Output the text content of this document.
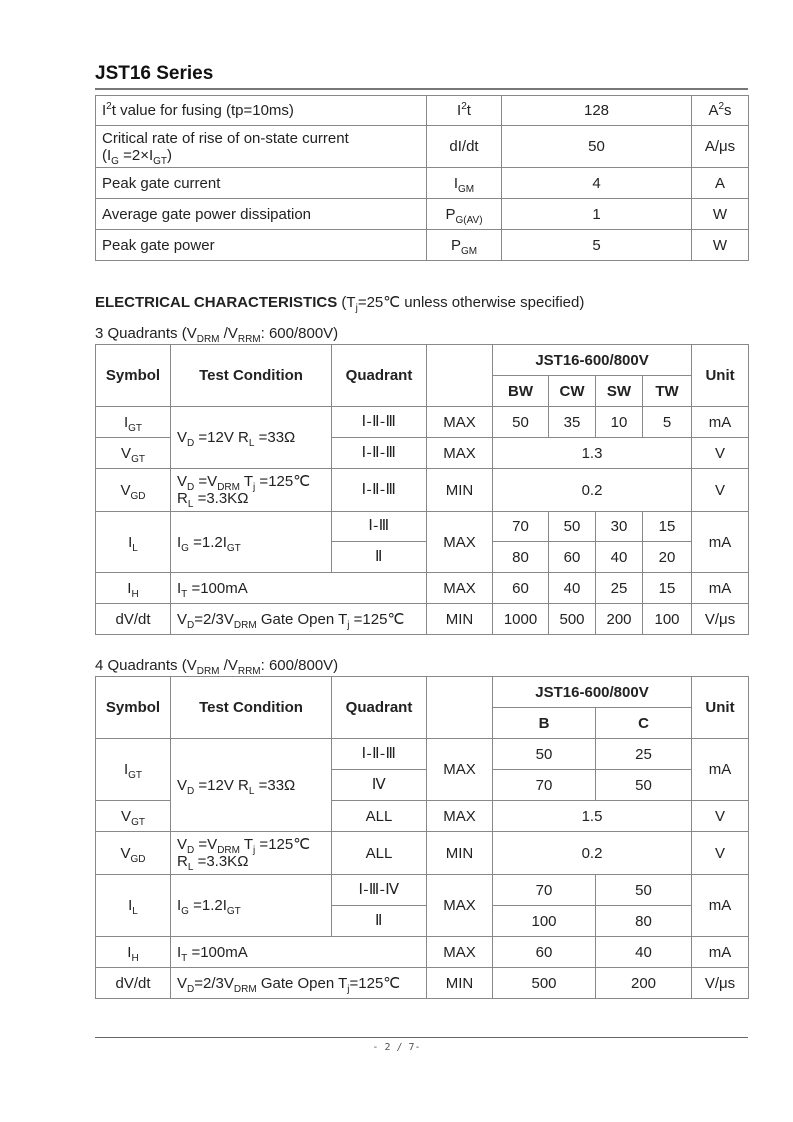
JST16 Series
$I^2t$ value for fusing (tp=10ms)	$I^2t$	128	$A^2s$
Critical rate of rise of on-state current
$(I_G =2\times I_{GT})$	dI/dt	50	A/μs
Peak gate current	$I_{GM}$	4	A
Average gate power dissipation	$P_{G(AV)}$	1	W
Peak gate power	$P_{GM}$	5	W
ELECTRICAL CHARACTERISTICS ($T_j=25℃$ unless otherwise specified)
3 Quadrants ($V_{DRM}$ $/V_{RRM}$: 600/800V)
Symbol	Test Condition	Quadrant		JST16-600/800V				Unit
				BW	CW	SW	TW	
$I_{GT}$	$V_D =12V$ $R_L =33\Omega$	Ⅰ-Ⅱ-Ⅲ	MAX	50	35	10	5	mA
$V_{GT}$		Ⅰ-Ⅱ-Ⅲ	MAX	1.3				V
$V_{GD}$	$V_D =V_{DRM}$ $T_j$ =125℃
$R_L =3.3K\Omega$	Ⅰ-Ⅱ-Ⅲ	MIN	0.2				V
$I_L$	$I_G =1.2I_{GT}$	Ⅰ-Ⅲ	MAX	70	50	30	15	mA
		Ⅱ		80	60	40	20	
$I_H$	$I_T =100mA$		MAX	60	40	25	15	mA
dV/dt	$V_D=2/3V_{DRM}$ Gate Open $T_j$ =125℃		MIN	1000	500	200	100	V/μs
4 Quadrants ($V_{DRM}$ $/V_{RRM}$: 600/800V)
Symbol	Test Condition	Quadrant		JST16-600/800V		Unit
				B	C	
$I_{GT}$	$V_D =12V$ $R_L =33\Omega$	Ⅰ-Ⅱ-Ⅲ	MAX	50	25	mA
		Ⅳ		70	50	
$V_{GT}$		ALL	MAX	1.5		V
$V_{GD}$	$V_D =V_{DRM}$ $T_j$ =125℃
$R_L =3.3K\Omega$	ALL	MIN	0.2		V
$I_L$	$I_G =1.2I_{GT}$	Ⅰ-Ⅲ-Ⅳ	MAX	70	50	mA
		Ⅱ		100	80	
$I_H$	$I_T =100mA$		MAX	60	40	mA
dV/dt	$V_D=2/3V_{DRM}$ Gate Open $T_j=125℃$		MIN	500	200	V/μs
- 2 / 7-
